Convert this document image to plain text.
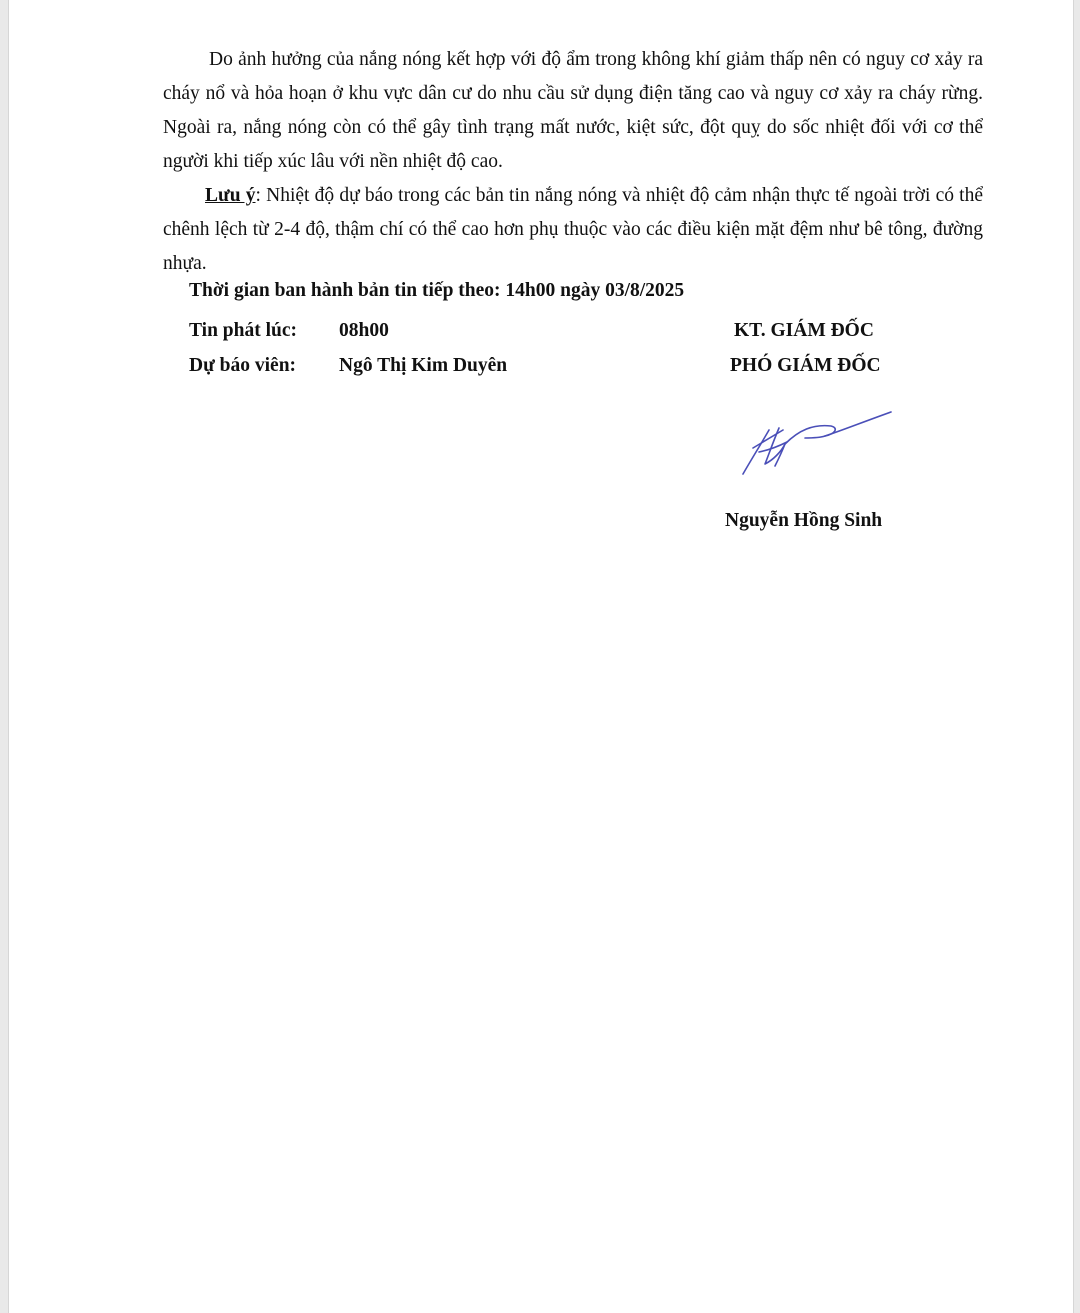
Do ảnh hưởng của nắng nóng kết hợp với độ ẩm trong không khí giảm thấp nên có nguy cơ xảy ra cháy nổ và hỏa hoạn ở khu vực dân cư do nhu cầu sử dụng điện tăng cao và nguy cơ xảy ra cháy rừng. Ngoài ra, nắng nóng còn có thể gây tình trạng mất nước, kiệt sức, đột quỵ do sốc nhiệt đối với cơ thể người khi tiếp xúc lâu với nền nhiệt độ cao.

Lưu ý: Nhiệt độ dự báo trong các bản tin nắng nóng và nhiệt độ cảm nhận thực tế ngoài trời có thể chênh lệch từ 2-4 độ, thậm chí có thể cao hơn phụ thuộc vào các điều kiện mặt đệm như bê tông, đường nhựa.

Thời gian ban hành bản tin tiếp theo: 14h00 ngày 03/8/2025
Tin phát lúc: 08h00
Dự báo viên: Ngô Thị Kim Duyên
KT. GIÁM ĐỐC
PHÓ GIÁM ĐỐC
Nguyễn Hồng Sinh
